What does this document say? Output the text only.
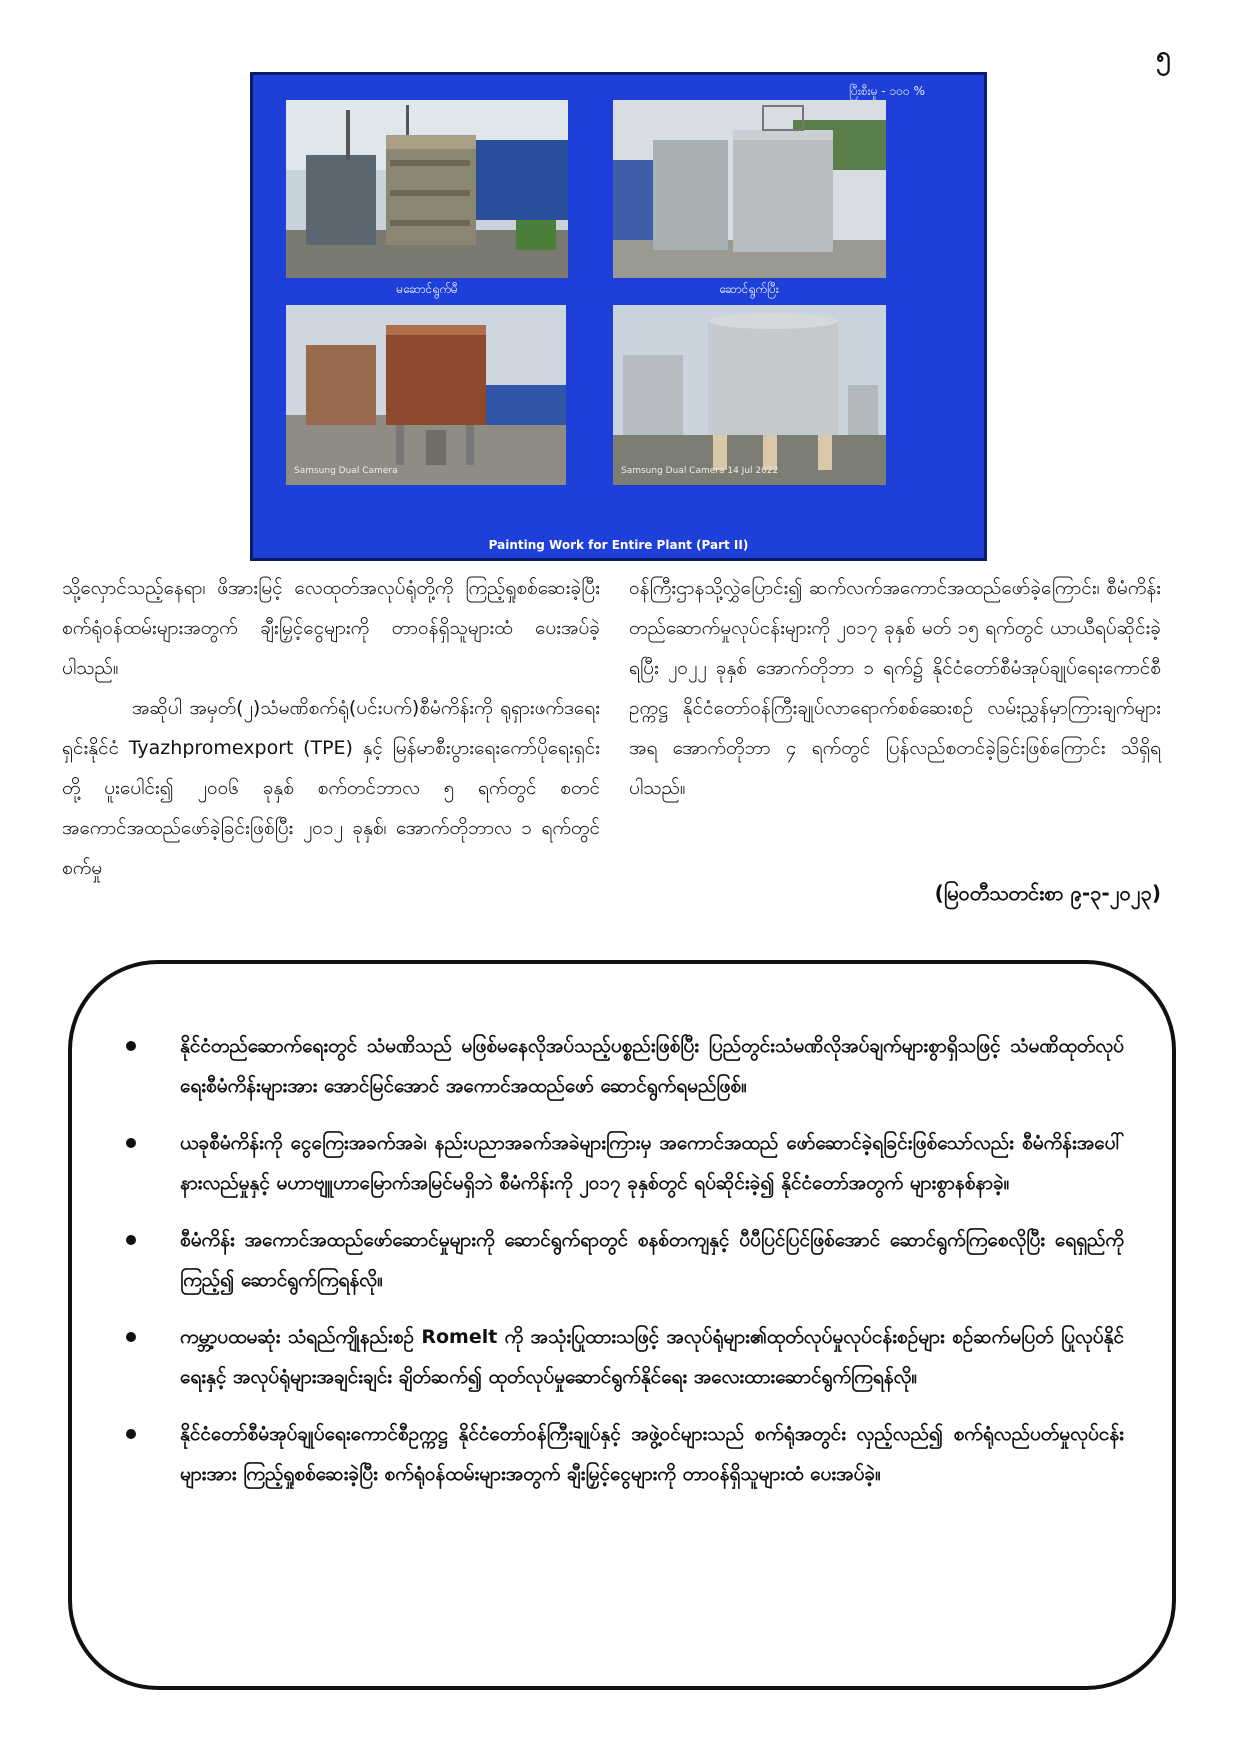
၅
ပြီးစီးမှု - ၁၀၀ %
မဆောင်ရွက်မီ	ဆောင်ရွက်ပြီး
Samsung Dual Camera	Samsung Dual Camera 14 Jul 2022
Painting Work for Entire Plant (Part II)

သို့လှောင်သည့်နေရာ၊ ဖိအားမြင့် လေထုတ်အလုပ်ရုံတို့ကို ကြည့်ရှုစစ်ဆေးခဲ့ပြီး စက်ရုံဝန်ထမ်းများအတွက် ချီးမြှင့်ငွေများကို တာဝန်ရှိသူများထံ ပေးအပ်ခဲ့ပါသည်။

အဆိုပါ အမှတ်(၂)သံမဏိစက်ရုံ(ပင်းပက်)စီမံကိန်းကို ရုရှားဖက်ဒရေးရှင်းနိုင်ငံ Tyazhpromexport (TPE) နှင့် မြန်မာစီးပွားရေးကော်ပိုရေးရှင်းတို့ ပူးပေါင်း၍ ၂၀၀၆ ခုနှစ် စက်တင်ဘာလ ၅ ရက်တွင် စတင်အကောင်အထည်ဖော်ခဲ့ခြင်းဖြစ်ပြီး ၂၀၁၂ ခုနှစ်၊ အောက်တိုဘာလ ၁ ရက်တွင် စက်မှု

ဝန်ကြီးဌာနသို့လွှဲပြောင်း၍ ဆက်လက်အကောင်အထည်ဖော်ခဲ့ကြောင်း၊ စီမံကိန်းတည်ဆောက်မှုလုပ်ငန်းများကို ၂၀၁၇ ခုနှစ် မတ် ၁၅ ရက်တွင် ယာယီရပ်ဆိုင်းခဲ့ရပြီး ၂၀၂၂ ခုနှစ် အောက်တိုဘာ ၁ ရက်၌ နိုင်ငံတော်စီမံအုပ်ချုပ်ရေးကောင်စီဥက္ကဋ္ဌ နိုင်ငံတော်ဝန်ကြီးချုပ်လာရောက်စစ်ဆေးစဉ် လမ်းညွှန်မှာကြားချက်များအရ အောက်တိုဘာ ၄ ရက်တွင် ပြန်လည်စတင်ခဲ့ခြင်းဖြစ်ကြောင်း သိရှိရပါသည်။

(မြဝတီသတင်းစာ ၉-၃-၂၀၂၃)
နိုင်ငံတည်ဆောက်ရေးတွင် သံမဏိသည် မဖြစ်မနေလိုအပ်သည့်ပစ္စည်းဖြစ်ပြီး ပြည်တွင်းသံမဏိလိုအပ်ချက်များစွာရှိသဖြင့် သံမဏိထုတ်လုပ်ရေးစီမံကိန်းများအား အောင်မြင်အောင် အကောင်အထည်ဖော် ဆောင်ရွက်ရမည်ဖြစ်။
ယခုစီမံကိန်းကို ငွေကြေးအခက်အခဲ၊ နည်းပညာအခက်အခဲများကြားမှ အကောင်အထည် ဖော်ဆောင်ခဲ့ရခြင်းဖြစ်သော်လည်း စီမံကိန်းအပေါ် နားလည်မှုနှင့် မဟာဗျူဟာမြောက်အမြင်မရှိဘဲ စီမံကိန်းကို ၂၀၁၇ ခုနှစ်တွင် ရပ်ဆိုင်းခဲ့၍ နိုင်ငံတော်အတွက် များစွာနစ်နာခဲ့။
စီမံကိန်း အကောင်အထည်ဖော်ဆောင်မှုများကို ဆောင်ရွက်ရာတွင် စနစ်တကျနှင့် ပီပီပြင်ပြင်ဖြစ်အောင် ဆောင်ရွက်ကြစေလိုပြီး ရေရှည်ကိုကြည့်၍ ဆောင်ရွက်ကြရန်လို။
ကမ္ဘာ့ပထမဆုံး သံရည်ကျိုနည်းစဉ် Romelt ကို အသုံးပြုထားသဖြင့် အလုပ်ရုံများ၏ထုတ်လုပ်မှုလုပ်ငန်းစဉ်များ စဉ်ဆက်မပြတ် ပြုလုပ်နိုင်ရေးနှင့် အလုပ်ရုံများအချင်းချင်း ချိတ်ဆက်၍ ထုတ်လုပ်မှုဆောင်ရွက်နိုင်ရေး အလေးထားဆောင်ရွက်ကြရန်လို။
နိုင်ငံတော်စီမံအုပ်ချုပ်ရေးကောင်စီဥက္ကဋ္ဌ နိုင်ငံတော်ဝန်ကြီးချုပ်နှင့် အဖွဲ့ဝင်များသည် စက်ရုံအတွင်း လှည့်လည်၍ စက်ရုံလည်ပတ်မှုလုပ်ငန်းများအား ကြည့်ရှုစစ်ဆေးခဲ့ပြီး စက်ရုံဝန်ထမ်းများအတွက် ချီးမြှင့်ငွေများကို တာဝန်ရှိသူများထံ ပေးအပ်ခဲ့။
